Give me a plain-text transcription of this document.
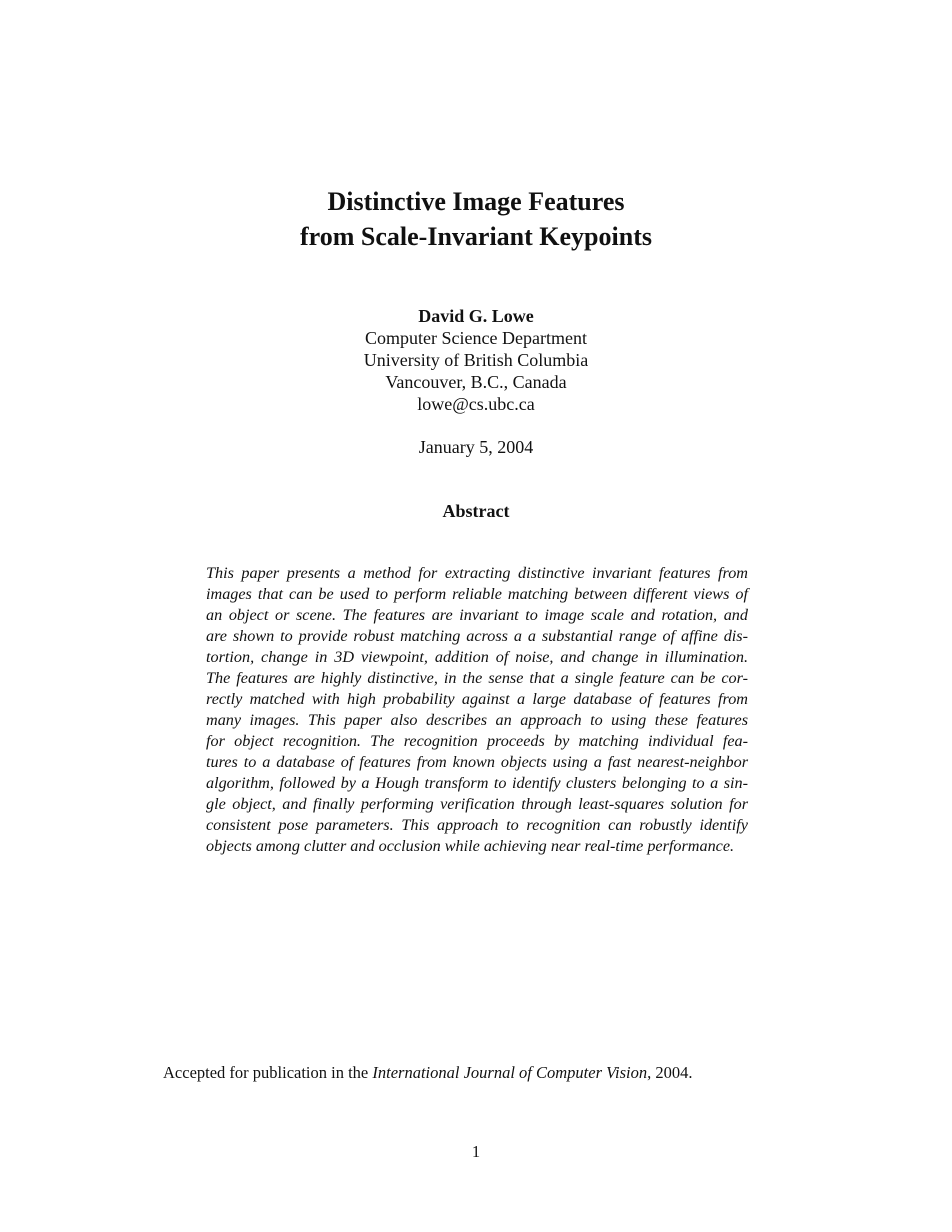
Distinctive Image Features
from Scale-Invariant Keypoints
David G. Lowe
Computer Science Department
University of British Columbia
Vancouver, B.C., Canada
lowe@cs.ubc.ca
January 5, 2004
Abstract
This paper presents a method for extracting distinctive invariant features from
images that can be used to perform reliable matching between different views of
an object or scene. The features are invariant to image scale and rotation, and
are shown to provide robust matching across a a substantial range of affine dis-
tortion, change in 3D viewpoint, addition of noise, and change in illumination.
The features are highly distinctive, in the sense that a single feature can be cor-
rectly matched with high probability against a large database of features from
many images. This paper also describes an approach to using these features
for object recognition. The recognition proceeds by matching individual fea-
tures to a database of features from known objects using a fast nearest-neighbor
algorithm, followed by a Hough transform to identify clusters belonging to a sin-
gle object, and finally performing verification through least-squares solution for
consistent pose parameters. This approach to recognition can robustly identify
objects among clutter and occlusion while achieving near real-time performance.
Accepted for publication in the International Journal of Computer Vision, 2004.
1
